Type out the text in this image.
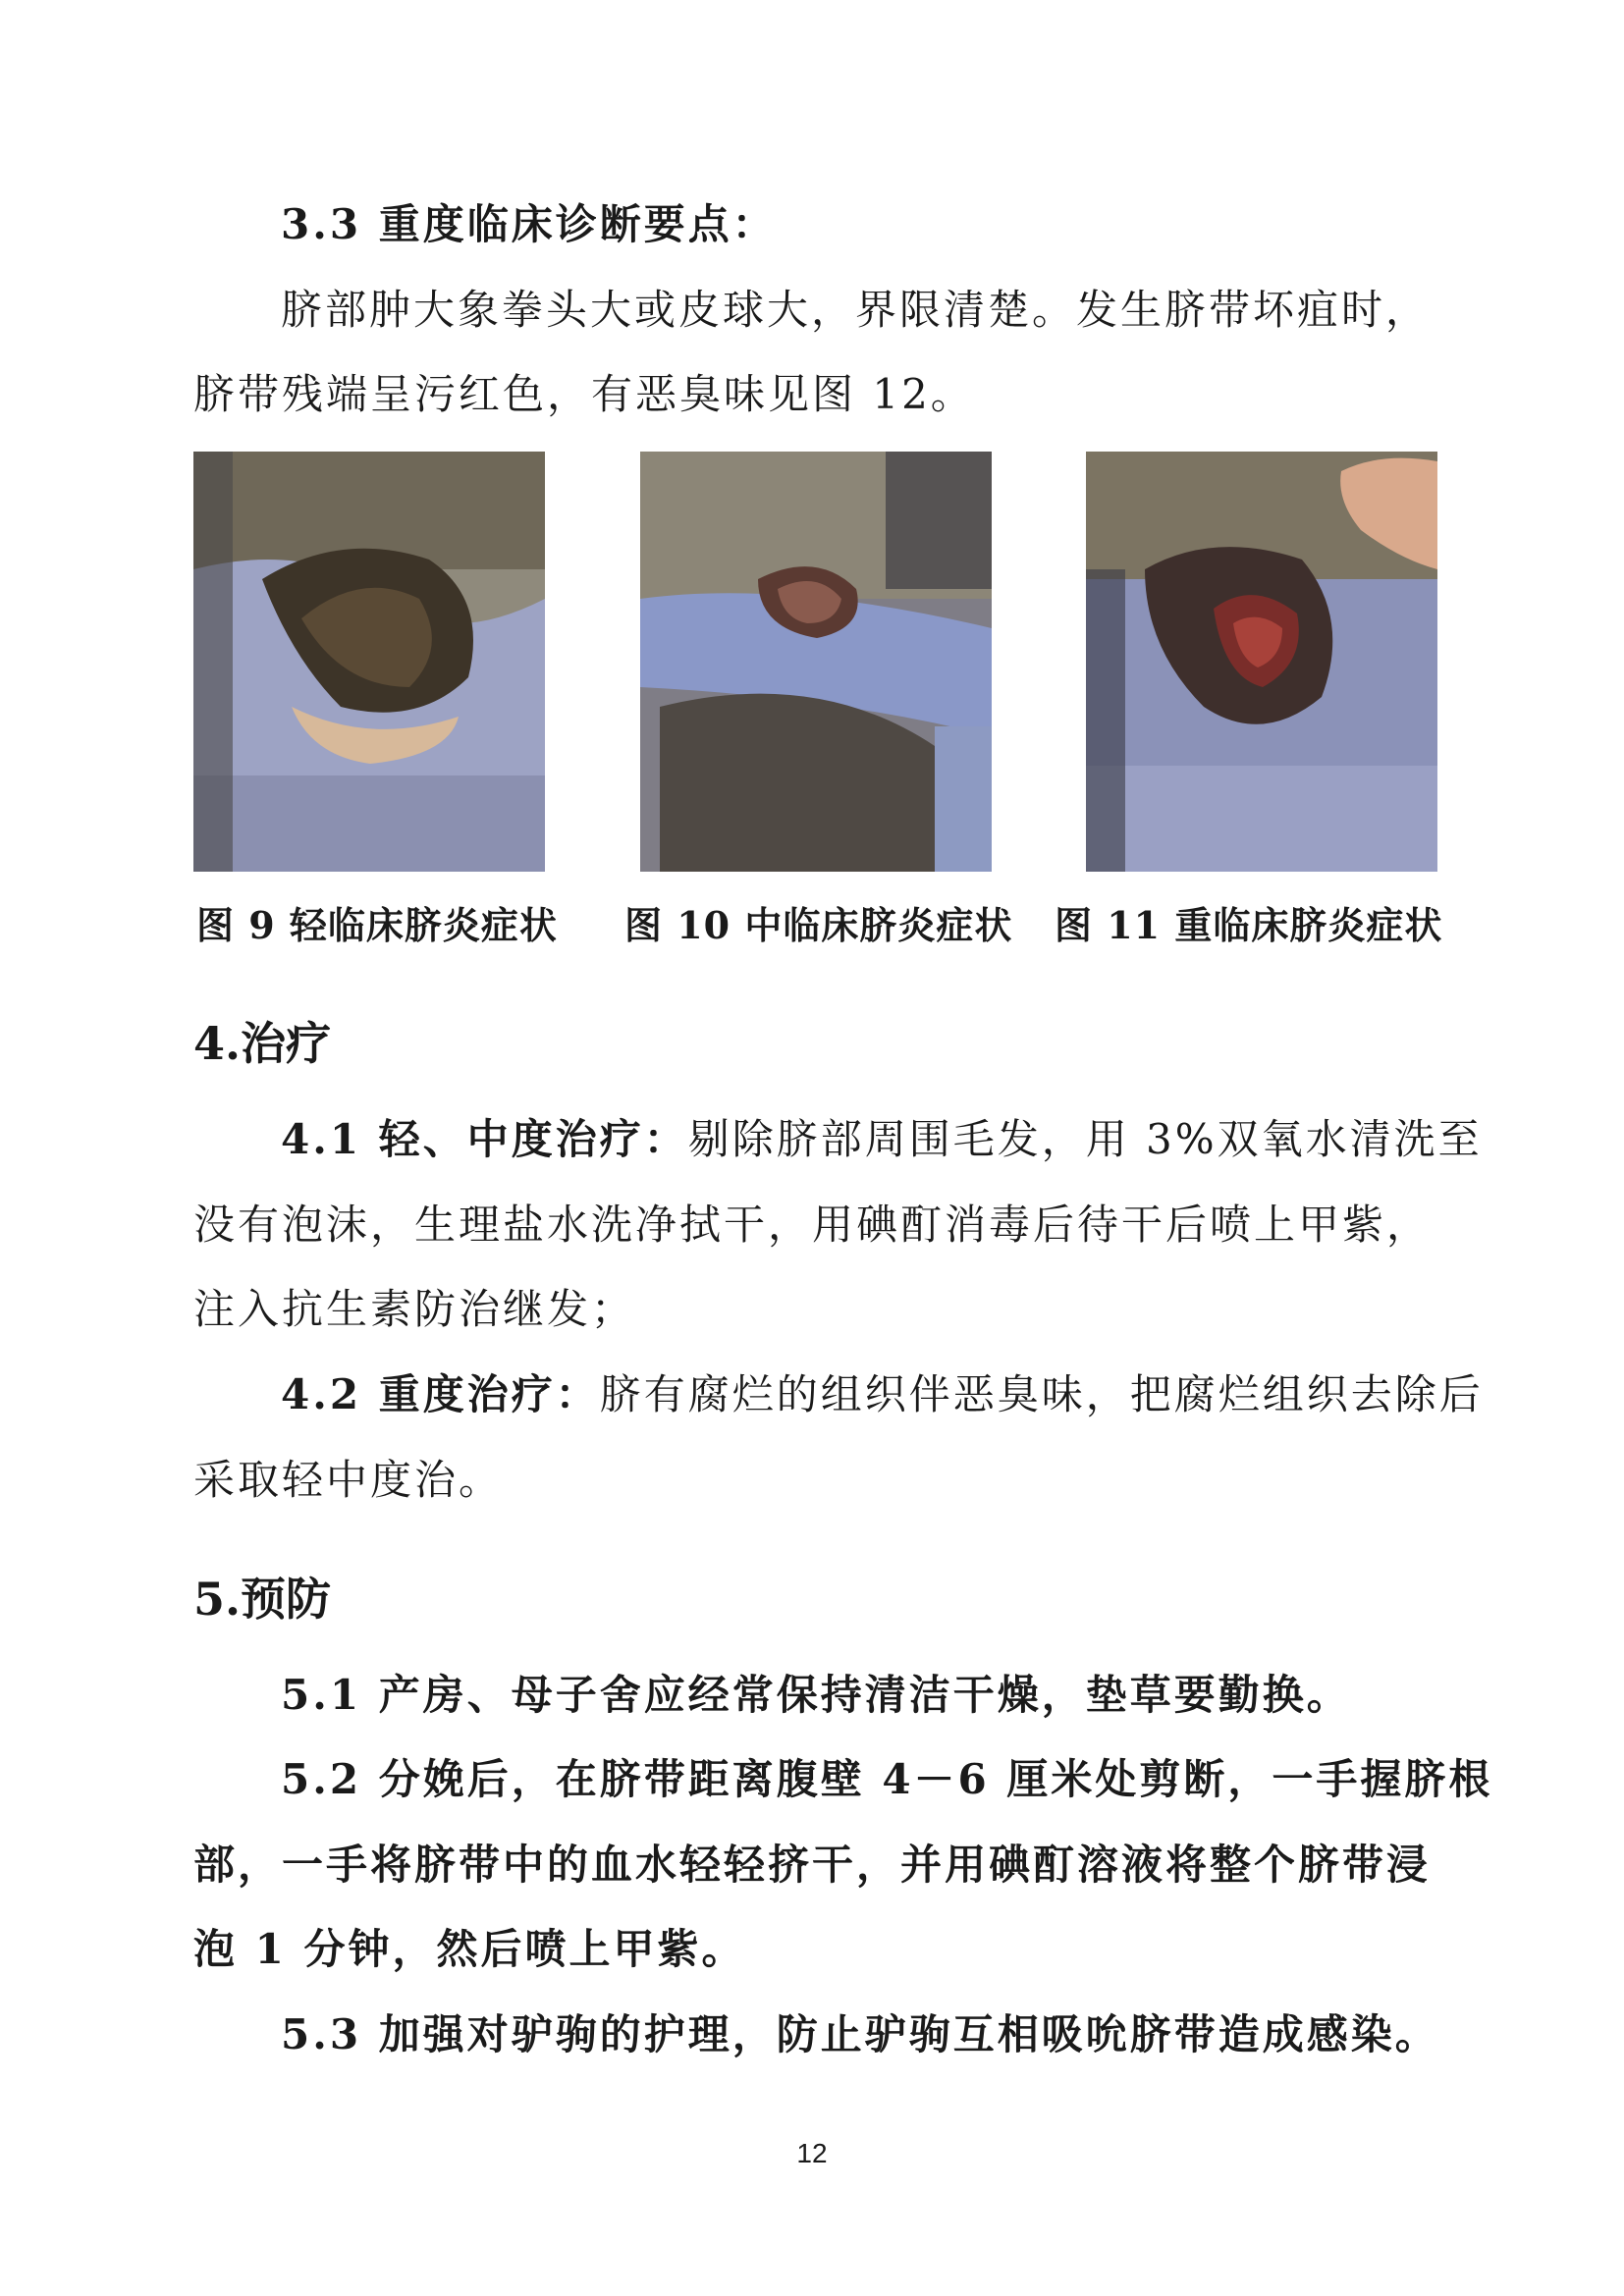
3.3 重度临床诊断要点：
脐部肿大象拳头大或皮球大，界限清楚。发生脐带坏疽时，
脐带残端呈污红色，有恶臭味见图 12。
图 9 轻临床脐炎症状 图 10 中临床脐炎症状 图 11 重临床脐炎症状
4.治疗
4.1 轻、中度治疗：剔除脐部周围毛发，用 3%双氧水清洗至
没有泡沫，生理盐水洗净拭干，用碘酊消毒后待干后喷上甲紫，
注入抗生素防治继发；
4.2 重度治疗：脐有腐烂的组织伴恶臭味，把腐烂组织去除后
采取轻中度治。
5.预防
5.1 产房、母子舍应经常保持清洁干燥，垫草要勤换。
5.2 分娩后，在脐带距离腹壁 4－6 厘米处剪断，一手握脐根
部，一手将脐带中的血水轻轻挤干，并用碘酊溶液将整个脐带浸
泡 1 分钟，然后喷上甲紫。
5.3 加强对驴驹的护理，防止驴驹互相吸吮脐带造成感染。
12
